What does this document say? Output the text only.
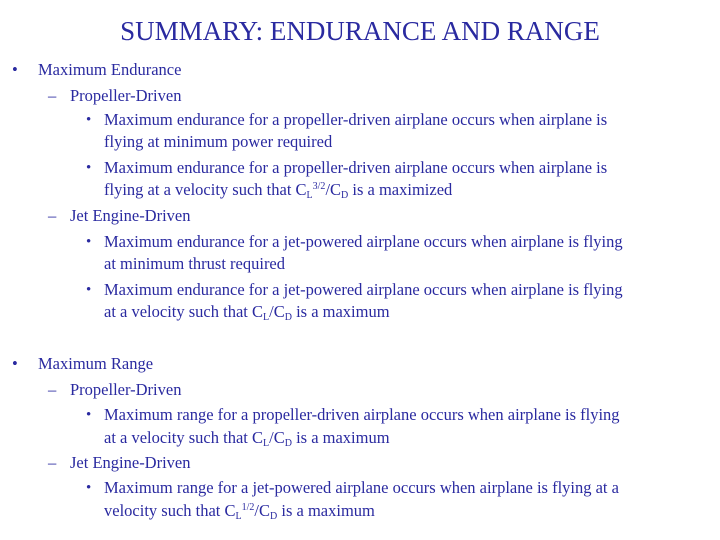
SUMMARY: ENDURANCE AND RANGE
• Maximum Endurance
– Propeller-Driven
• Maximum endurance for a propeller-driven airplane occurs when airplane is
flying at minimum power required
• Maximum endurance for a propeller-driven airplane occurs when airplane is
flying at a velocity such that $C_L^{3/2}/C_D$ is a maximized
– Jet Engine-Driven
• Maximum endurance for a jet-powered airplane occurs when airplane is flying
at minimum thrust required
• Maximum endurance for a jet-powered airplane occurs when airplane is flying
at a velocity such that $C_L/C_D$ is a maximum
• Maximum Range
– Propeller-Driven
• Maximum range for a propeller-driven airplane occurs when airplane is flying
at a velocity such that $C_L/C_D$ is a maximum
– Jet Engine-Driven
• Maximum range for a jet-powered airplane occurs when airplane is flying at a
velocity such that $C_L^{1/2}/C_D$ is a maximum
